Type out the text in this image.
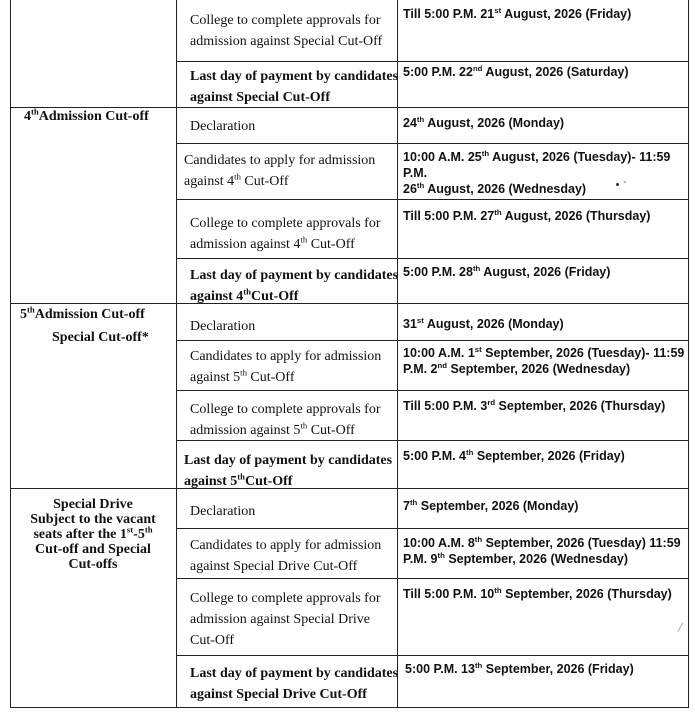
4thAdmission Cut-off
5thAdmission Cut-off
Special Cut-off*
Special Drive
Subject to the vacant
seats after the 1st-5th
Cut-off and Special
Cut-offs
College to complete approvals for
admission against Special Cut-Off
Last day of payment by candidates
against Special Cut-Off
Declaration
Candidates to apply for admission
against 4th Cut-Off
College to complete approvals for
admission against 4th Cut-Off
Last day of payment by candidates
against 4thCut-Off
Declaration
Candidates to apply for admission
against 5th Cut-Off
College to complete approvals for
admission against 5th Cut-Off
Last day of payment by candidates
against 5thCut-Off
Declaration
Candidates to apply for admission
against Special Drive Cut-Off
College to complete approvals for
admission against Special Drive
Cut-Off
Last day of payment by candidates
against Special Drive Cut-Off
Till 5:00 P.M. 21st August, 2026 (Friday)
5:00 P.M. 22nd August, 2026 (Saturday)
24th August, 2026 (Monday)
10:00 A.M. 25th August, 2026 (Tuesday)- 11:59 P.M.
26th August, 2026 (Wednesday)
Till 5:00 P.M. 27th August, 2026 (Thursday)
5:00 P.M. 28th August, 2026 (Friday)
31st August, 2026 (Monday)
10:00 A.M. 1st September, 2026 (Tuesday)- 11:59
P.M. 2nd September, 2026 (Wednesday)
Till 5:00 P.M. 3rd September, 2026 (Thursday)
5:00 P.M. 4th September, 2026 (Friday)
7th September, 2026 (Monday)
10:00 A.M. 8th September, 2026 (Tuesday) 11:59
P.M. 9th September, 2026 (Wednesday)
Till 5:00 P.M. 10th September, 2026 (Thursday)
5:00 P.M. 13th September, 2026 (Friday)
